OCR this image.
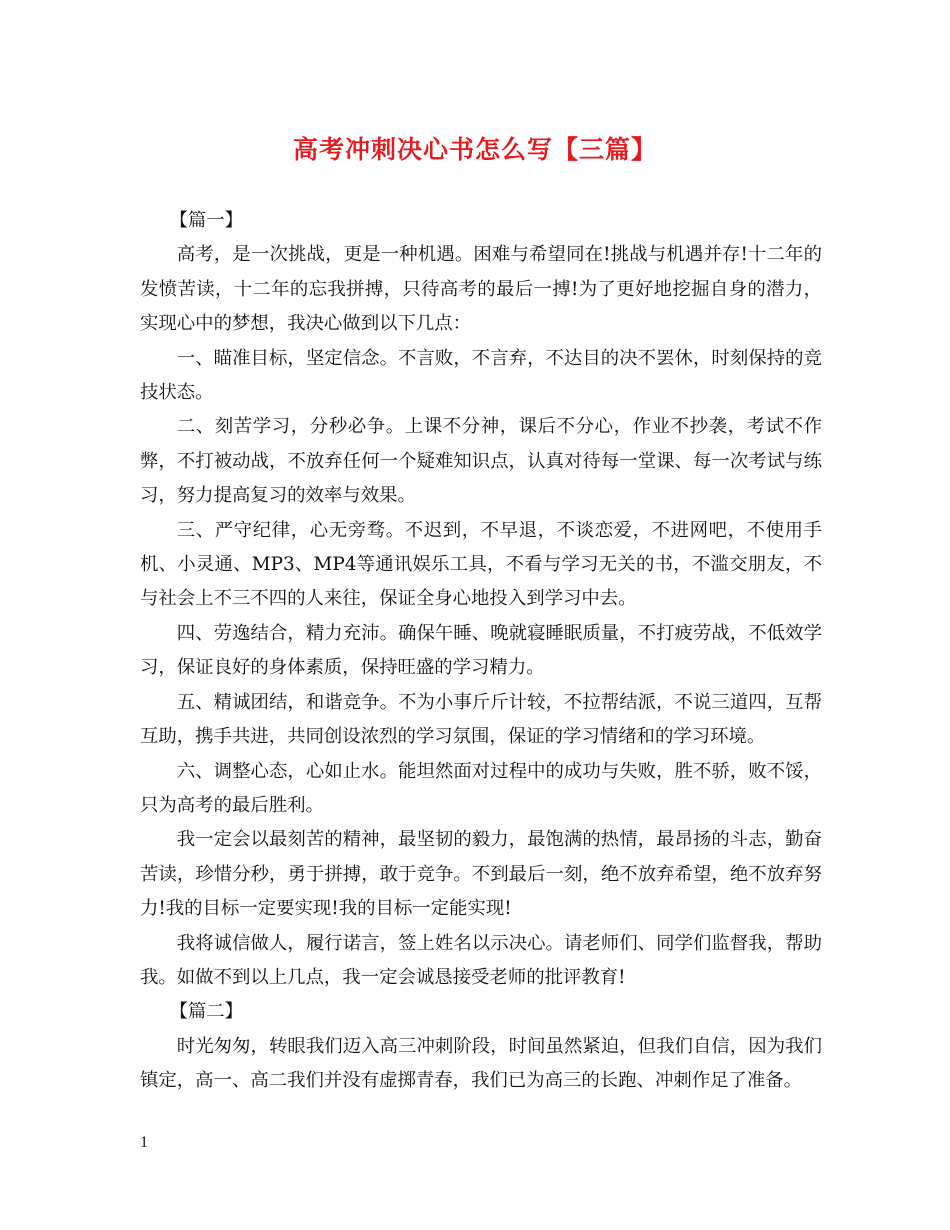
高考冲刺决心书怎么写【三篇】

【篇一】

高考，是一次挑战，更是一种机遇。困难与希望同在!挑战与机遇并存!十二年的发愤苦读，十二年的忘我拼搏，只待高考的最后一搏!为了更好地挖掘自身的潜力，实现心中的梦想，我决心做到以下几点：

一、瞄准目标，坚定信念。不言败，不言弃，不达目的决不罢休，时刻保持的竞技状态。

二、刻苦学习，分秒必争。上课不分神，课后不分心，作业不抄袭，考试不作弊，不打被动战，不放弃任何一个疑难知识点，认真对待每一堂课、每一次考试与练习，努力提高复习的效率与效果。

三、严守纪律，心无旁骛。不迟到，不早退，不谈恋爱，不进网吧，不使用手机、小灵通、MP3、MP4等通讯娱乐工具，不看与学习无关的书，不滥交朋友，不与社会上不三不四的人来往，保证全身心地投入到学习中去。

四、劳逸结合，精力充沛。确保午睡、晚就寝睡眠质量，不打疲劳战，不低效学习，保证良好的身体素质，保持旺盛的学习精力。

五、精诚团结，和谐竞争。不为小事斤斤计较，不拉帮结派，不说三道四，互帮互助，携手共进，共同创设浓烈的学习氛围，保证的学习情绪和的学习环境。

六、调整心态，心如止水。能坦然面对过程中的成功与失败，胜不骄，败不馁，只为高考的最后胜利。

我一定会以最刻苦的精神，最坚韧的毅力，最饱满的热情，最昂扬的斗志，勤奋苦读，珍惜分秒，勇于拼搏，敢于竞争。不到最后一刻，绝不放弃希望，绝不放弃努力!我的目标一定要实现!我的目标一定能实现!

我将诚信做人，履行诺言，签上姓名以示决心。请老师们、同学们监督我，帮助我。如做不到以上几点，我一定会诚恳接受老师的批评教育!

【篇二】

时光匆匆，转眼我们迈入高三冲刺阶段，时间虽然紧迫，但我们自信，因为我们镇定，高一、高二我们并没有虚掷青春，我们已为高三的长跑、冲刺作足了准备。

1
